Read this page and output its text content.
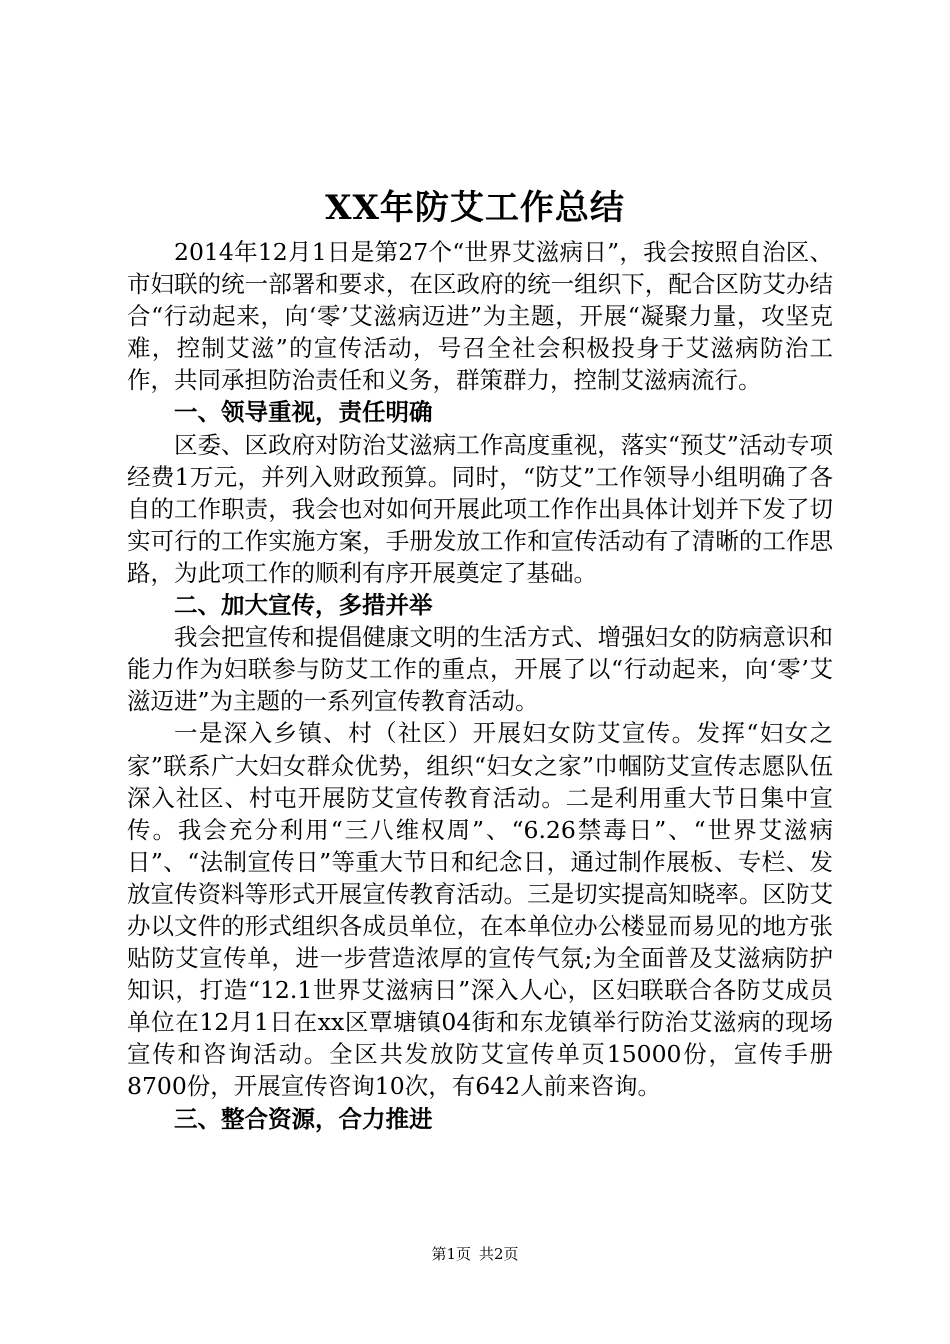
XX年防艾工作总结

2014年12月1日是第27个“世界艾滋病日”，我会按照自治区、市妇联的统一部署和要求，在区政府的统一组织下，配合区防艾办结合“行动起来，向‘零’艾滋病迈进”为主题，开展“凝聚力量，攻坚克难，控制艾滋”的宣传活动，号召全社会积极投身于艾滋病防治工作，共同承担防治责任和义务，群策群力，控制艾滋病流行。

一、领导重视，责任明确

区委、区政府对防治艾滋病工作高度重视，落实“预艾”活动专项经费1万元，并列入财政预算。同时，“防艾”工作领导小组明确了各自的工作职责，我会也对如何开展此项工作作出具体计划并下发了切实可行的工作实施方案，手册发放工作和宣传活动有了清晰的工作思路，为此项工作的顺利有序开展奠定了基础。

二、加大宣传，多措并举

我会把宣传和提倡健康文明的生活方式、增强妇女的防病意识和能力作为妇联参与防艾工作的重点，开展了以“行动起来，向‘零’艾滋迈进”为主题的一系列宣传教育活动。

一是深入乡镇、村（社区）开展妇女防艾宣传。发挥“妇女之家”联系广大妇女群众优势，组织“妇女之家”巾帼防艾宣传志愿队伍深入社区、村屯开展防艾宣传教育活动。二是利用重大节日集中宣传。我会充分利用“三八维权周”、“6.26禁毒日”、“世界艾滋病日”、“法制宣传日”等重大节日和纪念日，通过制作展板、专栏、发放宣传资料等形式开展宣传教育活动。三是切实提高知晓率。区防艾办以文件的形式组织各成员单位，在本单位办公楼显而易见的地方张贴防艾宣传单，进一步营造浓厚的宣传气氛;为全面普及艾滋病防护知识，打造“12.1世界艾滋病日”深入人心，区妇联联合各防艾成员单位在12月1日在xx区覃塘镇04街和东龙镇举行防治艾滋病的现场宣传和咨询活动。全区共发放防艾宣传单页15000份，宣传手册8700份，开展宣传咨询10次，有642人前来咨询。

三、整合资源，合力推进
第1页 共2页
